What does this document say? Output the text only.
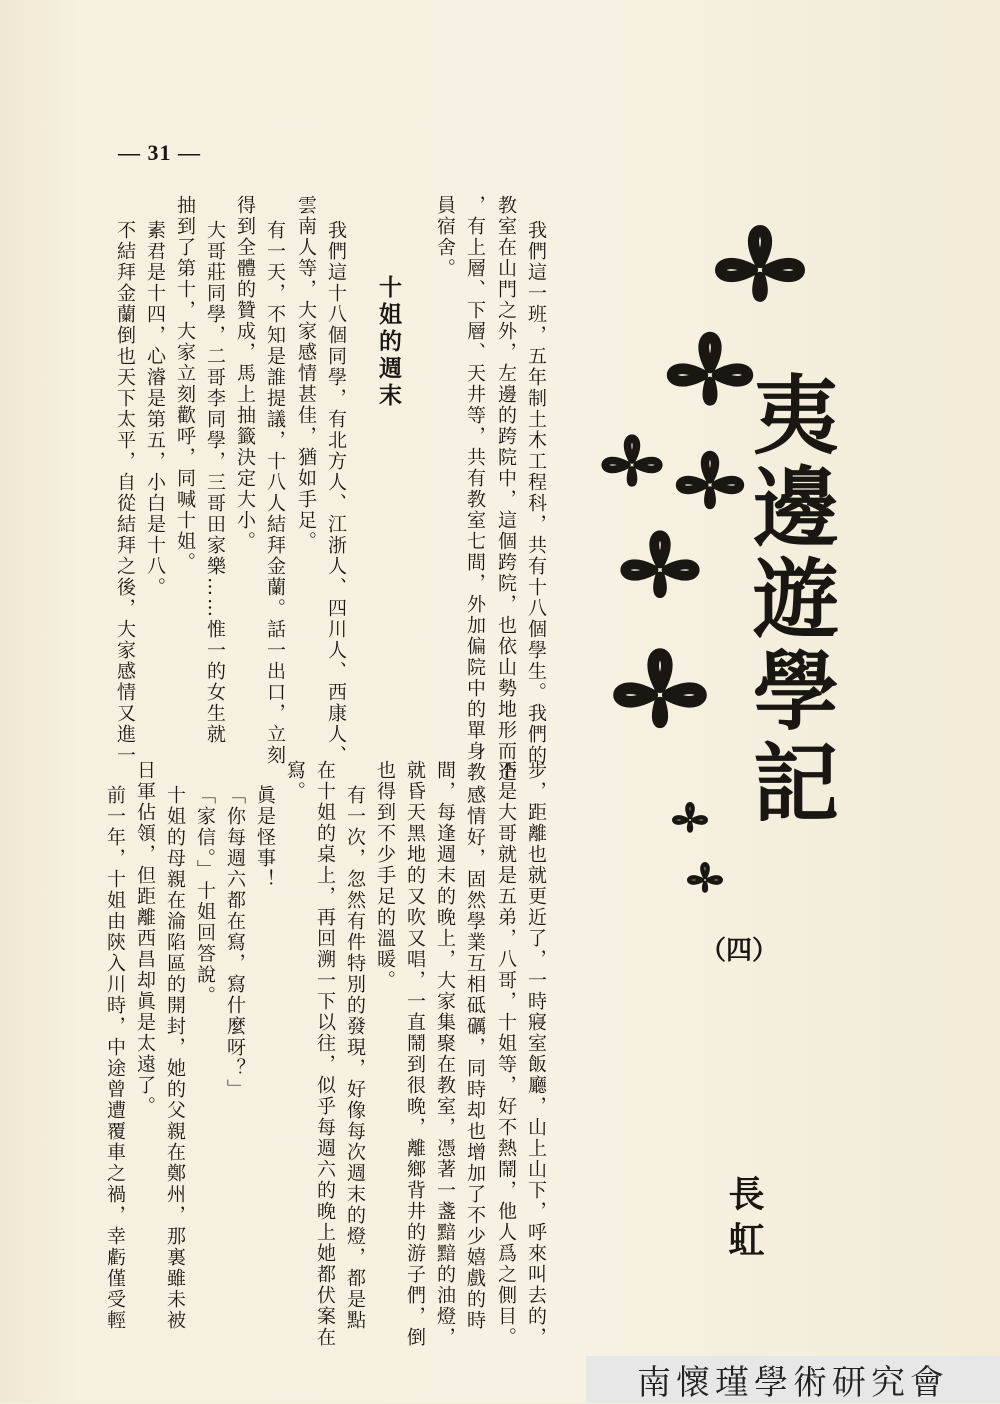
— 31 —
夷邊遊學記
（四）
長虹
我們這一班，五年制土木工程科，共有十八個學生。我們的
教室在山門之外，左邊的跨院中，這個跨院，也依山勢地形而造
，有上層、下層、天井等，共有教室七間，外加偏院中的單身教
員宿舍。
十姐的週末
我們這十八個同學，有北方人、江浙人、四川人、西康人、
雲南人等，大家感情甚佳，猶如手足。
有一天，不知是誰提議，十八人結拜金蘭。話一出口，立刻
得到全體的贊成，馬上抽籤決定大小。
大哥莊同學，二哥李同學，三哥田家樂……惟一的女生就
抽到了第十，大家立刻歡呼，同喊十姐。
素君是十四，心濬是第五，小白是十八。
不結拜金蘭倒也天下太平，自從結拜之後，大家感情又進一
步，距離也就更近了，一時寢室飯廳，山上山下，呼來叫去的，
不是大哥就是五弟，八哥，十姐等，好不熱鬧，他人爲之側目。
感情好，固然學業互相砥礪，同時却也增加了不少嬉戲的時
間，每逢週末的晚上，大家集聚在教室，憑著一盞黯黯的油燈，
就昏天黑地的又吹又唱，一直鬧到很晚，離鄉背井的游子們，倒
也得到不少手足的溫暖。
有一次，忽然有件特別的發現，好像每次週末的燈，都是點
在十姐的桌上，再回溯一下以往，似乎每週六的晚上她都伏案在
寫。
眞是怪事！
「你每週六都在寫，寫什麼呀？」
「家信。」十姐回答說。
十姐的母親在淪陷區的開封，她的父親在鄭州，那裏雖未被
日軍佔領，但距離西昌却眞是太遠了。
前一年，十姐由陝入川時，中途曾遭覆車之禍，幸虧僅受輕
南懷瑾學術研究會
